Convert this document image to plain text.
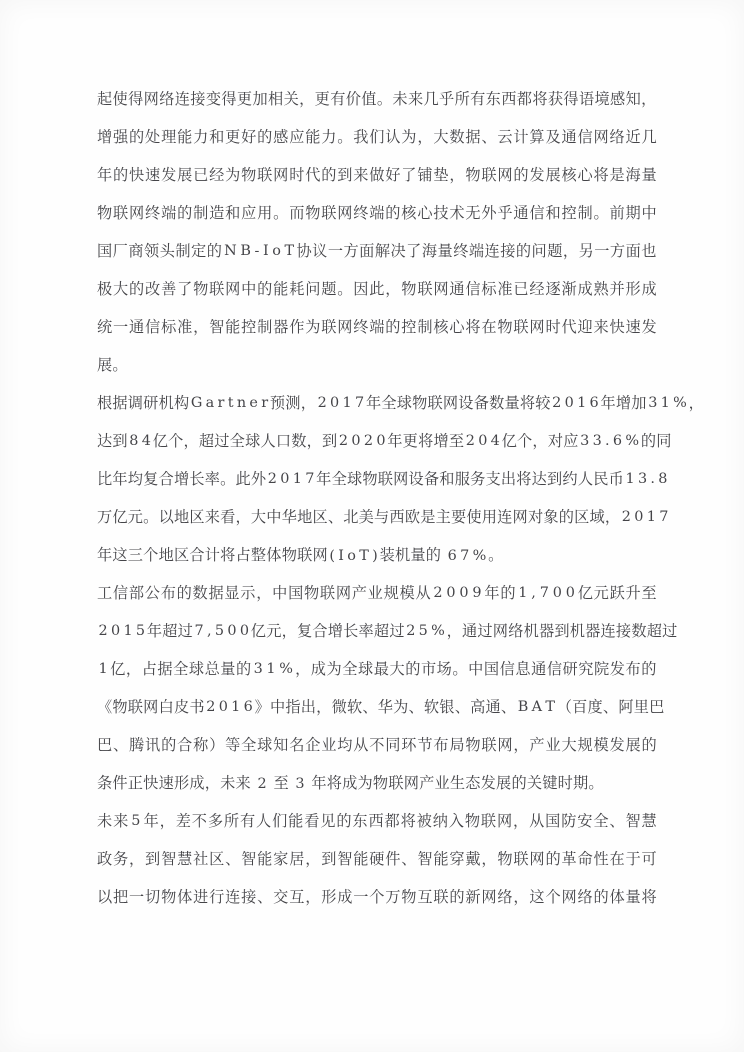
起 使 得 网 络 连 接 变 得 更 加 相 关 ， 更 有 价 值 。 未 来 几 乎 所 有 东 西 都 将 获 得 语 境 感 知 ，
增 强 的 处 理 能 力 和 更 好 的 感 应 能 力 。 我 们 认 为 ， 大 数 据 、 云 计 算 及 通 信 网 络 近 几
年 的 快 速 发 展 已 经 为 物 联 网 时 代 的 到 来 做 好 了 铺 垫 ， 物 联 网 的 发 展 核 心 将 是 海 量
物 联 网 终 端 的 制 造 和 应 用 。 而 物 联 网 终 端 的 核 心 技 术 无 外 乎 通 信 和 控 制 。 前 期 中
国 厂 商 领 头 制 定 的 N B - I o T 协 议 一 方 面 解 决 了 海 量 终 端 连 接 的 问 题 ， 另 一 方 面 也
极 大 的 改 善 了 物 联 网 中 的 能 耗 问 题 。 因 此 ， 物 联 网 通 信 标 准 已 经 逐 渐 成 熟 并 形 成
统 一 通 信 标 准 ， 智 能 控 制 器 作 为 联 网 终 端 的 控 制 核 心 将 在 物 联 网 时 代 迎 来 快 速 发
展。
根 据 调 研 机 构 G a r t n e r 预 测 ， 2 0 1 7 年 全 球 物 联 网 设 备 数 量 将 较 2 0 1 6 年 增 加 3 1 % ，
达 到 8 4 亿 个 ， 超 过 全 球 人 口 数 ， 到 2 0 2 0 年 更 将 增 至 2 0 4 亿 个 ， 对 应 3 3 . 6 % 的 同
比 年 均 复 合 增 长 率 。 此 外 2 0 1 7 年 全 球 物 联 网 设 备 和 服 务 支 出 将 达 到 约 人 民 币 1 3 . 8
万 亿 元 。 以 地 区 来 看 ， 大 中 华 地 区 、 北 美 与 西 欧 是 主 要 使 用 连 网 对 象 的 区 域 ， 2 0 1 7
年这三个地区合计将占整体物联网 ( I o T )装机量的 6 7 %。
工 信 部 公 布 的 数 据 显 示 ， 中 国 物 联 网 产 业 规 模 从 2 0 0 9 年 的 1 , 7 0 0 亿 元 跃 升 至
2 0 1 5 年 超 过 7 , 5 0 0 亿 元 ， 复 合 增 长 率 超 过 2 5 % ， 通 过 网 络 机 器 到 机 器 连 接 数 超 过
1 亿 ， 占 据 全 球 总 量 的 3 1 % ， 成 为 全 球 最 大 的 市 场 。 中 国 信 息 通 信 研 究 院 发 布 的
《 物 联 网 白 皮 书 2 0 1 6 》 中 指 出 ， 微 软 、 华 为 、 软 银 、 高 通 、 B A T （ 百 度 、 阿 里 巴
巴 、 腾 讯 的 合 称 ） 等 全 球 知 名 企 业 均 从 不 同 环 节 布 局 物 联 网 ， 产 业 大 规 模 发 展 的
条件正快速形成，未来 2 至 3 年将成为物联网产业生态发展的关键时期。
未 来 5 年 ， 差 不 多 所 有 人 们 能 看 见 的 东 西 都 将 被 纳 入 物 联 网 ， 从 国 防 安 全 、 智 慧
政 务 ， 到 智 慧 社 区 、 智 能 家 居 ， 到 智 能 硬 件 、 智 能 穿 戴 ， 物 联 网 的 革 命 性 在 于 可
以 把 一 切 物 体 进 行 连 接 、 交 互 ， 形 成 一 个 万 物 互 联 的 新 网 络 ， 这 个 网 络 的 体 量 将
